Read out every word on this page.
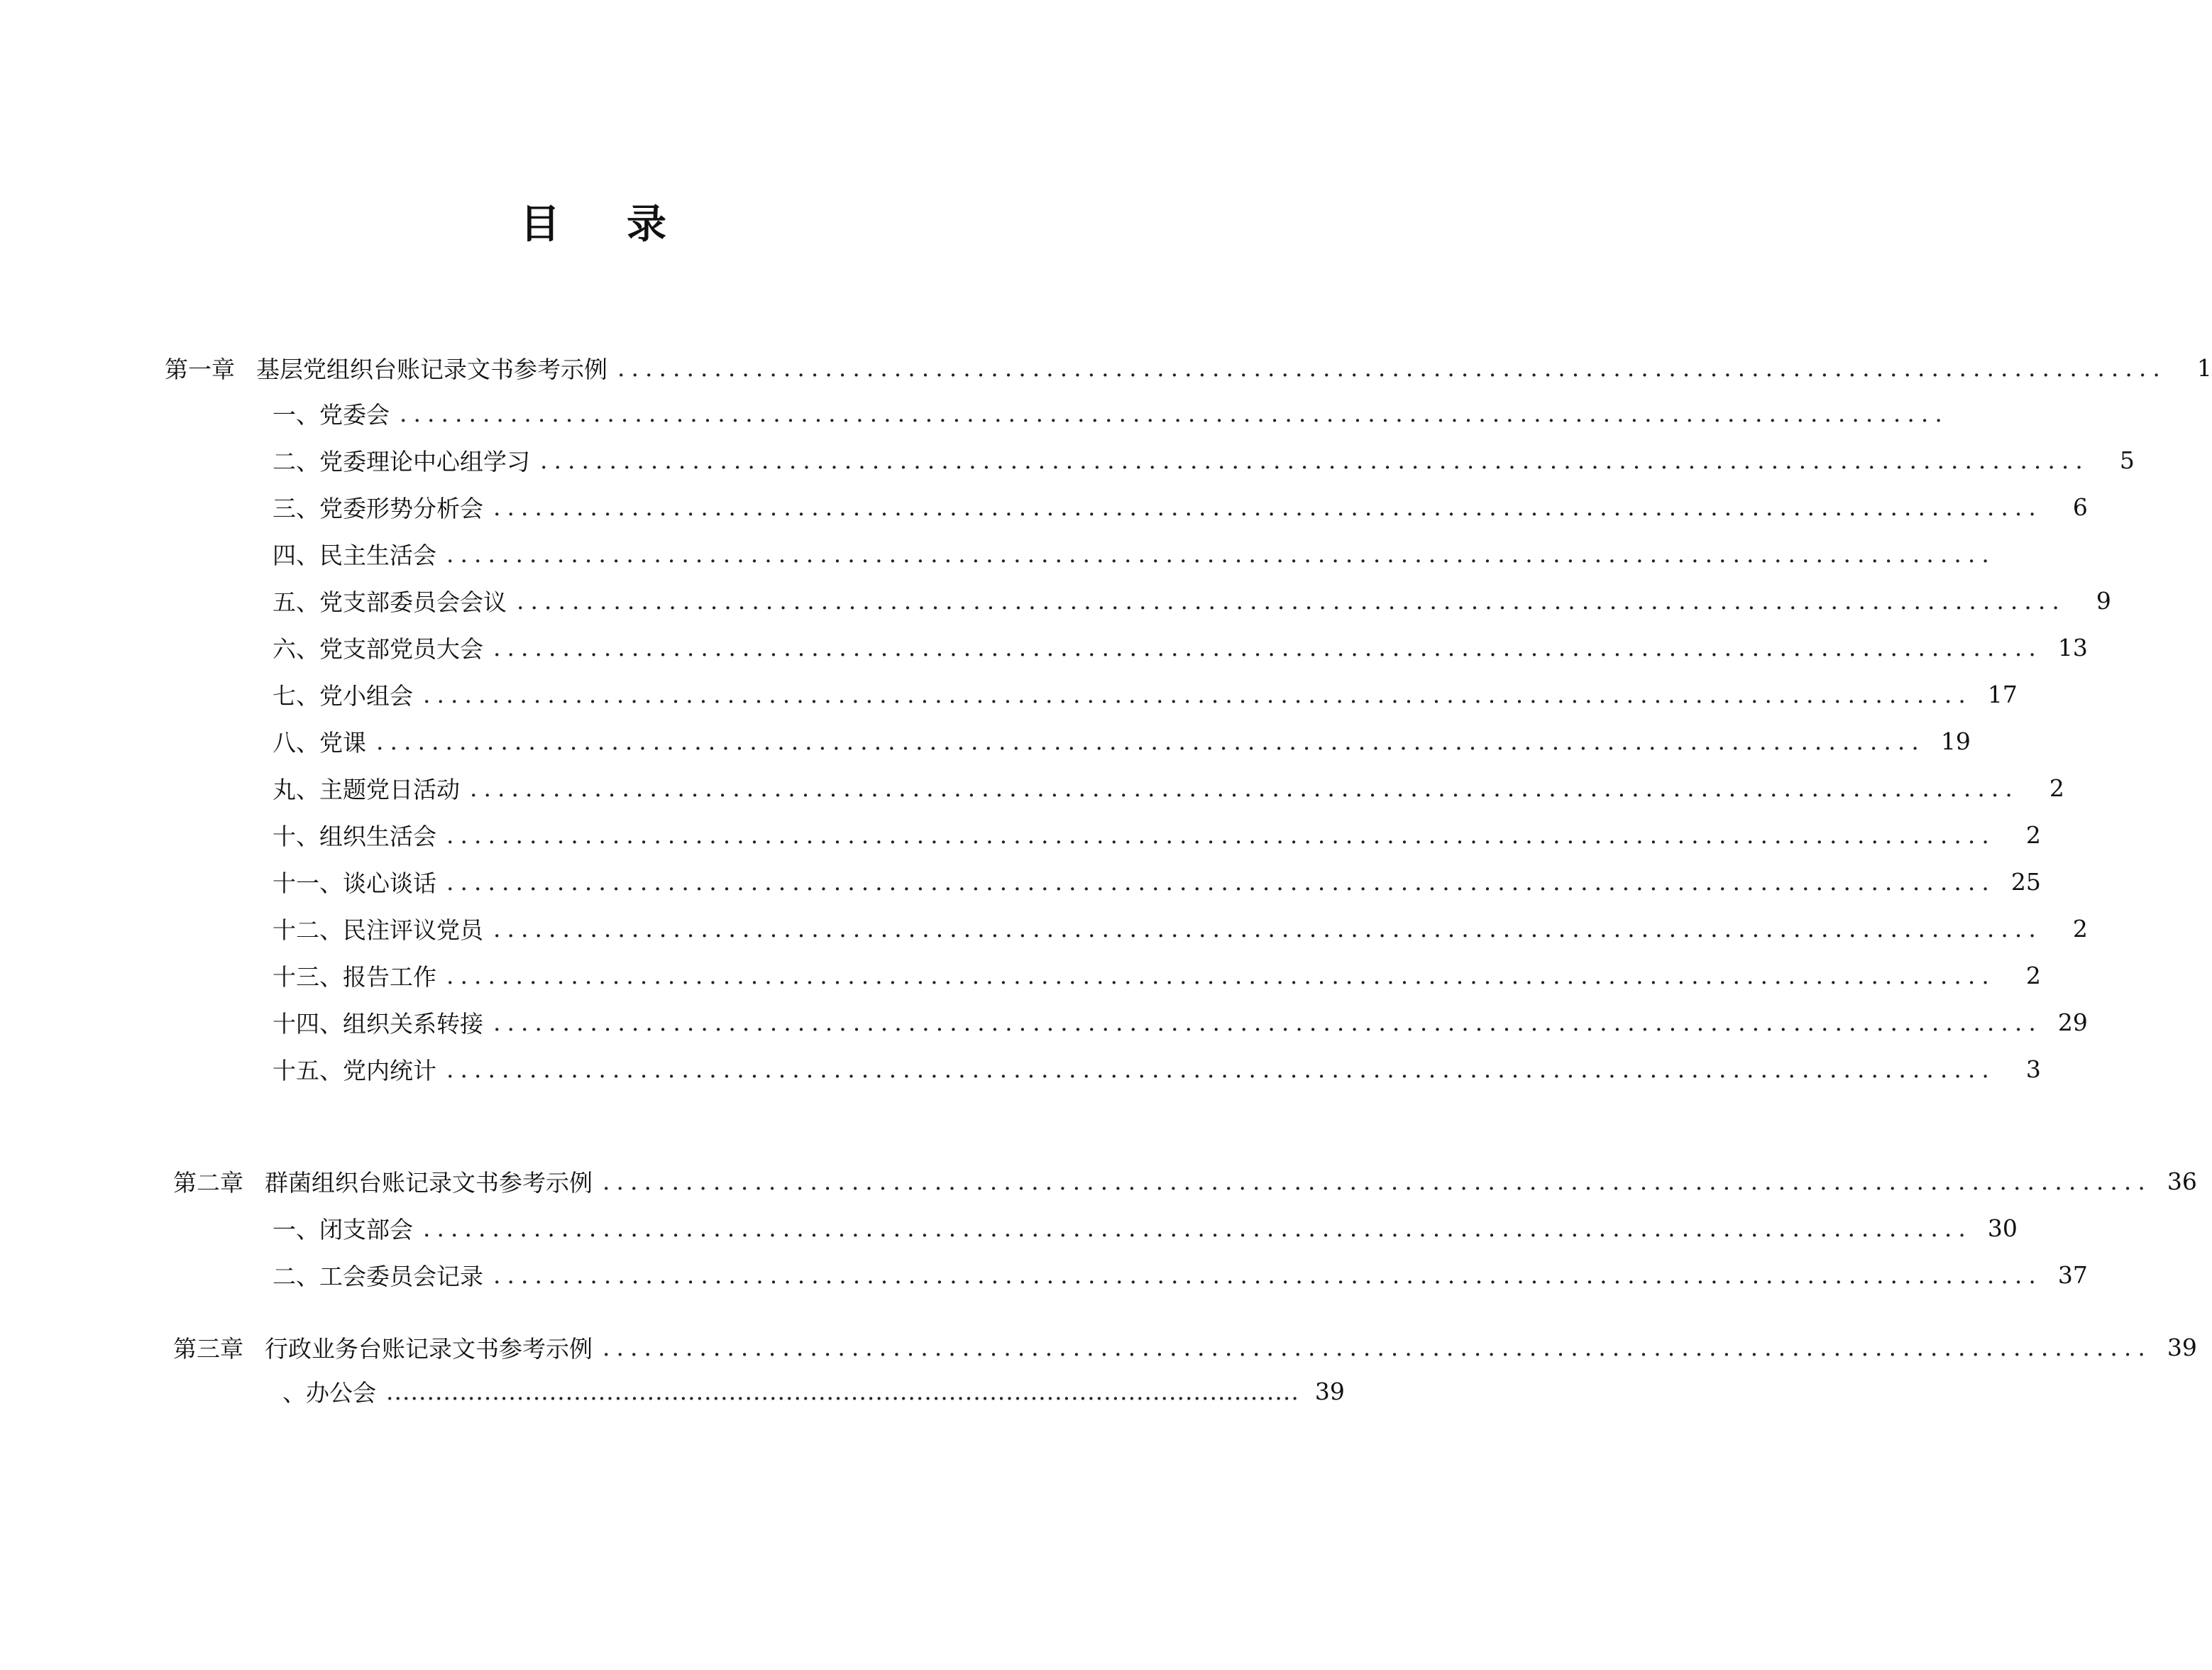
目 录
第一章 基层党组织台账记录文书参考示例 ................................................................................................................	1
一、党委会 ................................................................................................................
二、党委理论中心组学习 ................................................................................................................	5
三、党委形势分析会 ................................................................................................................	6
四、民主生活会 ................................................................................................................
五、党支部委员会会议 ................................................................................................................	9
六、党支部党员大会 ................................................................................................................ 13
七、党小组会 ................................................................................................................ 17
八、党课 ................................................................................................................ 19
丸、主题党日活动 ................................................................................................................	2
十、组织生活会 ................................................................................................................	2
十一、谈心谈话 ................................................................................................................ 25
十二、民注评议党员 ................................................................................................................	2
十三、报告工作 ................................................................................................................	2
十四、组织关系转接 ................................................................................................................ 29
十五、党内统计 ................................................................................................................	3
第二章 群菌组织台账记录文书参考示例 ................................................................................................................ 36
一、闭支部会 ................................................................................................................ 30
二、工会委员会记录 ................................................................................................................ 37
第三章 行政业务台账记录文书参考示例 ................................................................................................................ 39
、办公会 ................................................................................................................ 39
